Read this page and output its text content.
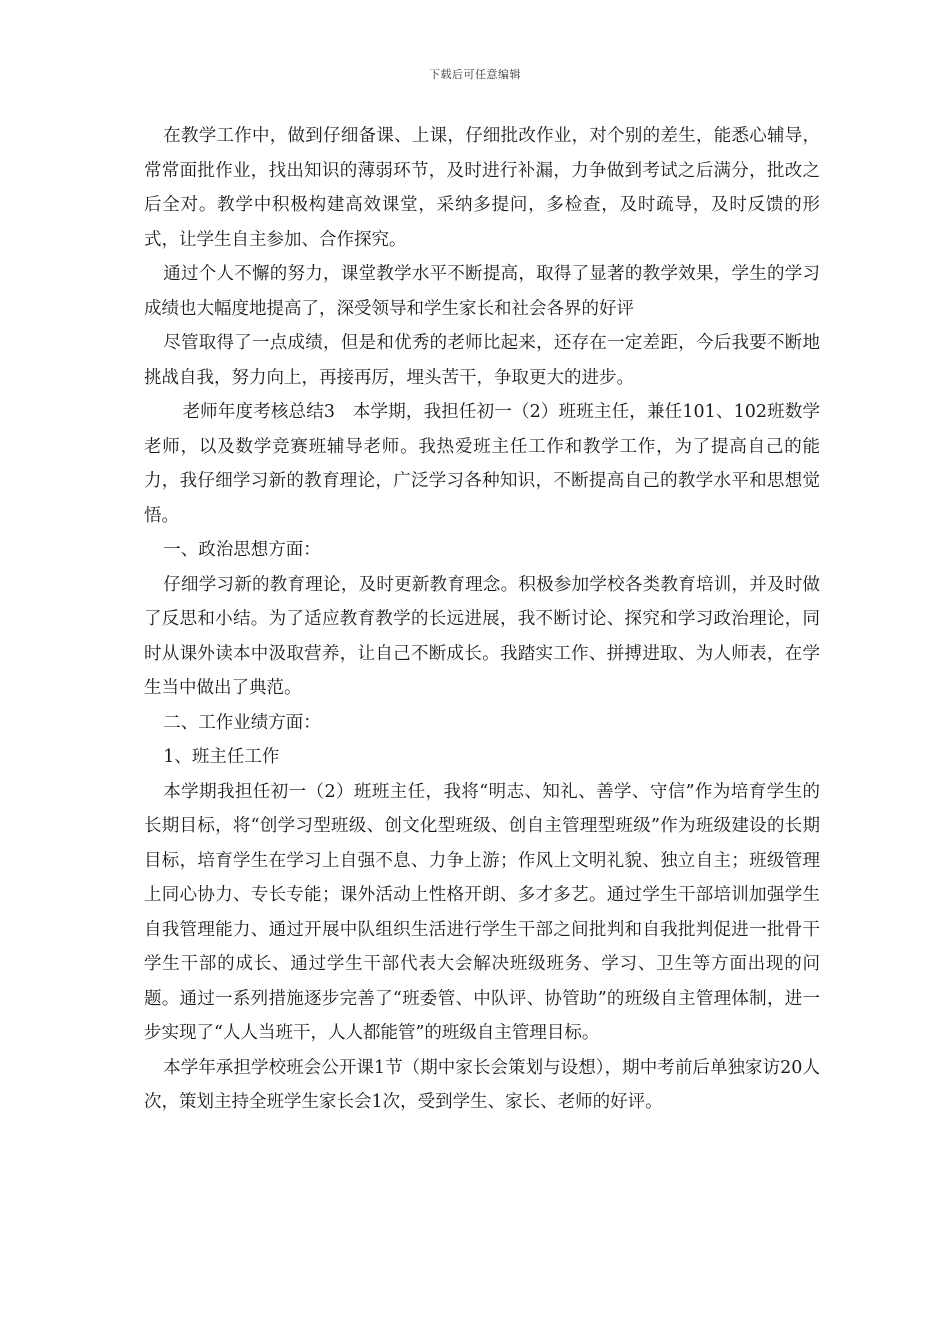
下载后可任意编辑

在教学工作中，做到仔细备课、上课，仔细批改作业，对个别的差生，能悉心辅导，常常面批作业，找出知识的薄弱环节，及时进行补漏，力争做到考试之后满分，批改之后全对。教学中积极构建高效课堂，采纳多提问，多检查，及时疏导，及时反馈的形式，让学生自主参加、合作探究。

通过个人不懈的努力，课堂教学水平不断提高，取得了显著的教学效果，学生的学习成绩也大幅度地提高了，深受领导和学生家长和社会各界的好评

尽管取得了一点成绩，但是和优秀的老师比起来，还存在一定差距，今后我要不断地挑战自我，努力向上，再接再厉，埋头苦干，争取更大的进步。

老师年度考核总结3　本学期，我担任初一（2）班班主任，兼任101、102班数学老师，以及数学竞赛班辅导老师。我热爱班主任工作和教学工作，为了提高自己的能力，我仔细学习新的教育理论，广泛学习各种知识，不断提高自己的教学水平和思想觉悟。

一、政治思想方面：

仔细学习新的教育理论，及时更新教育理念。积极参加学校各类教育培训，并及时做了反思和小结。为了适应教育教学的长远进展，我不断讨论、探究和学习政治理论，同时从课外读本中汲取营养，让自己不断成长。我踏实工作、拼搏进取、为人师表，在学生当中做出了典范。

二、工作业绩方面：

1、班主任工作

本学期我担任初一（2）班班主任，我将“明志、知礼、善学、守信”作为培育学生的长期目标，将“创学习型班级、创文化型班级、创自主管理型班级”作为班级建设的长期目标，培育学生在学习上自强不息、力争上游；作风上文明礼貌、独立自主；班级管理上同心协力、专长专能；课外活动上性格开朗、多才多艺。通过学生干部培训加强学生自我管理能力、通过开展中队组织生活进行学生干部之间批判和自我批判促进一批骨干学生干部的成长、通过学生干部代表大会解决班级班务、学习、卫生等方面出现的问题。通过一系列措施逐步完善了“班委管、中队评、协管助”的班级自主管理体制，进一步实现了“人人当班干，人人都能管”的班级自主管理目标。

本学年承担学校班会公开课1节（期中家长会策划与设想），期中考前后单独家访20人次，策划主持全班学生家长会1次，受到学生、家长、老师的好评。
